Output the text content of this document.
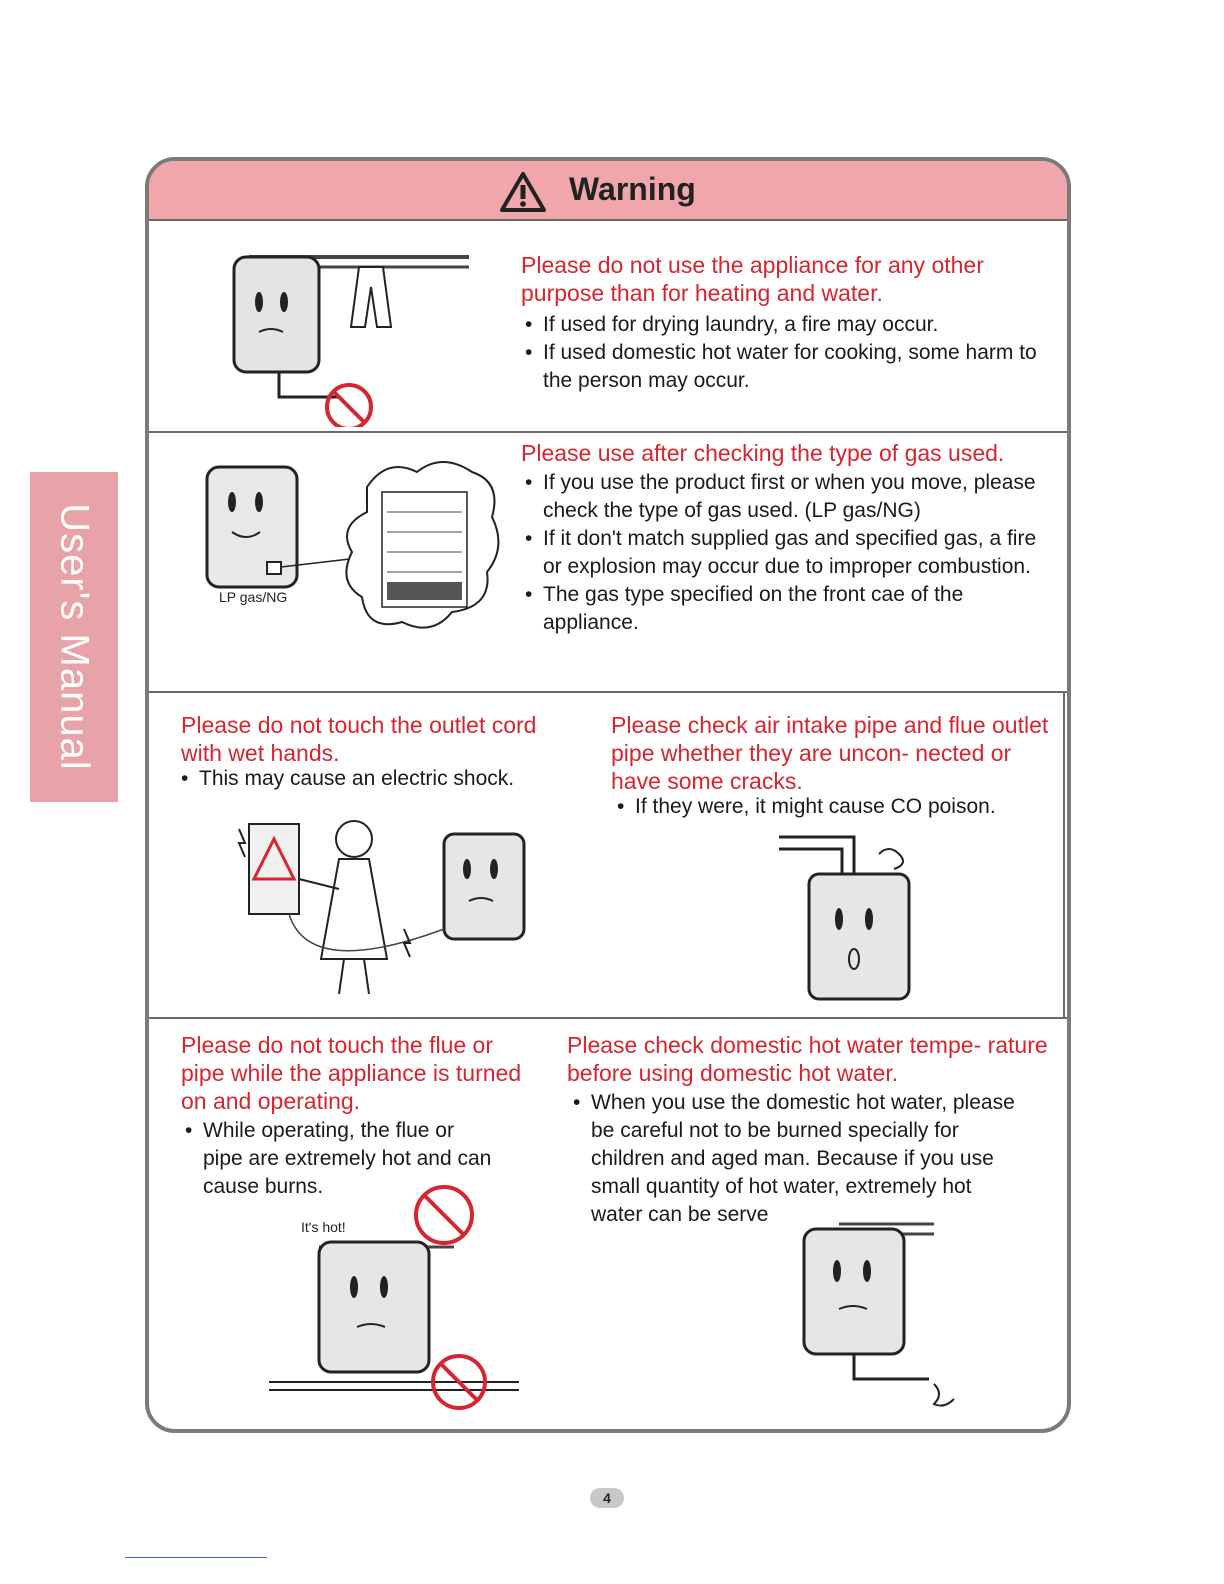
User's Manual
Warning
Please do not use the appliance for any other purpose than for heating and water.
• If used for drying laundry, a fire may occur.
• If used domestic hot water for cooking, some harm to the person may occur.
LP gas/NG
Please use after checking the type of gas used.
• If you use the product first or when you move, please check the type of gas used. (LP gas/NG)
• If it don't match supplied gas and specified gas, a fire or explosion may occur due to improper combustion.
• The gas type specified on the front cae of the appliance.
Please do not touch the outlet cord with wet hands.
• This may cause an electric shock.
Please check air intake pipe and flue outlet pipe whether they are uncon- nected or have some cracks.
• If they were, it might cause CO poison.
Please do not touch the flue or pipe while the appliance is turned on and operating.
• While operating, the flue or pipe are extremely hot and can cause burns.
It's hot!
Please check domestic hot water tempe- rature before using domestic hot water.
• When you use the domestic hot water, please be careful not to be burned specially for children and aged man. Because if you use small quantity of hot water, extremely hot water can be serve
4
